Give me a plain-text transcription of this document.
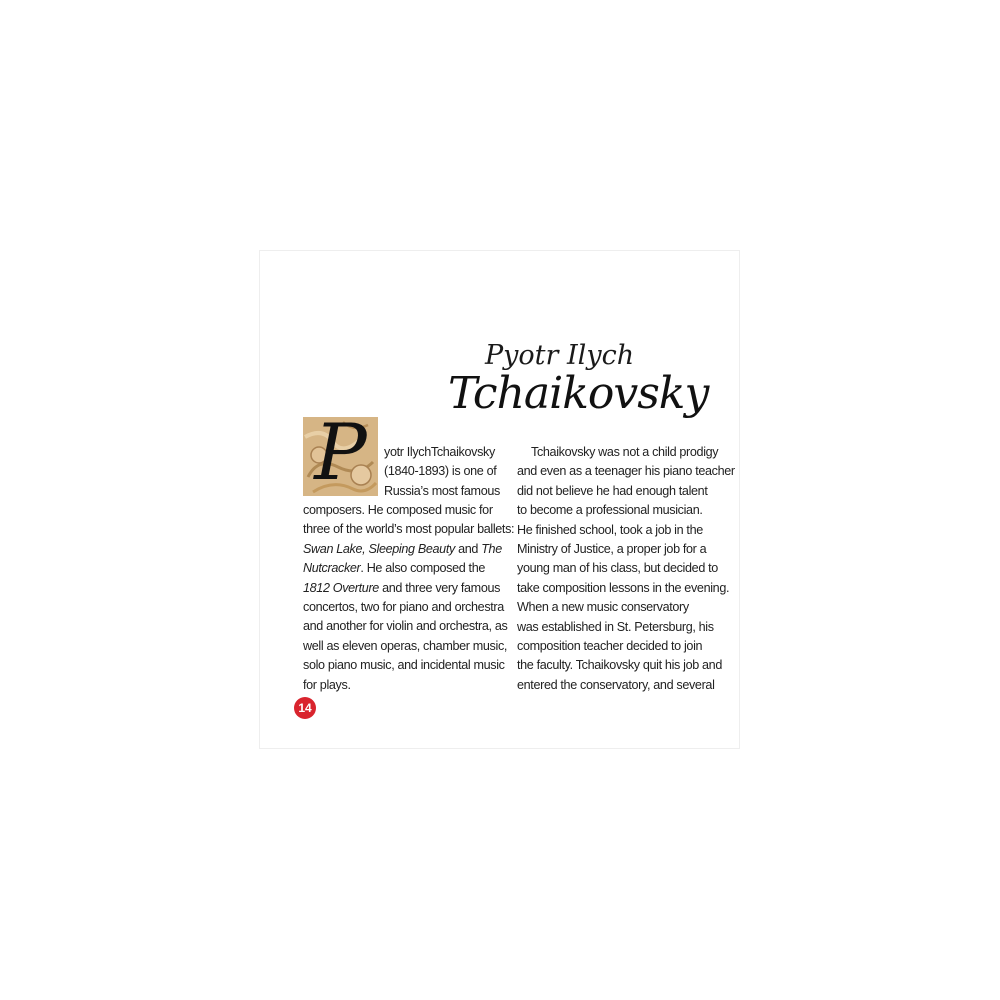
Pyotr Ilych
Tchaikovsky
P	yotr IlychTchaikovsky
(1840-1893) is one of
Russia’s most famous
composers. He composed music for
three of the world’s most popular ballets:
Swan Lake, Sleeping Beauty and The
Nutcracker. He also composed the
1812 Overture and three very famous
concertos, two for piano and orchestra
and another for violin and orchestra, as
well as eleven operas, chamber music,
solo piano music, and incidental music
for plays.
Tchaikovsky was not a child prodigy
and even as a teenager his piano teacher
did not believe he had enough talent
to become a professional musician.
He finished school, took a job in the
Ministry of Justice, a proper job for a
young man of his class, but decided to
take composition lessons in the evening.
When a new music conservatory
was established in St. Petersburg, his
composition teacher decided to join
the faculty. Tchaikovsky quit his job and
entered the conservatory, and several
14
